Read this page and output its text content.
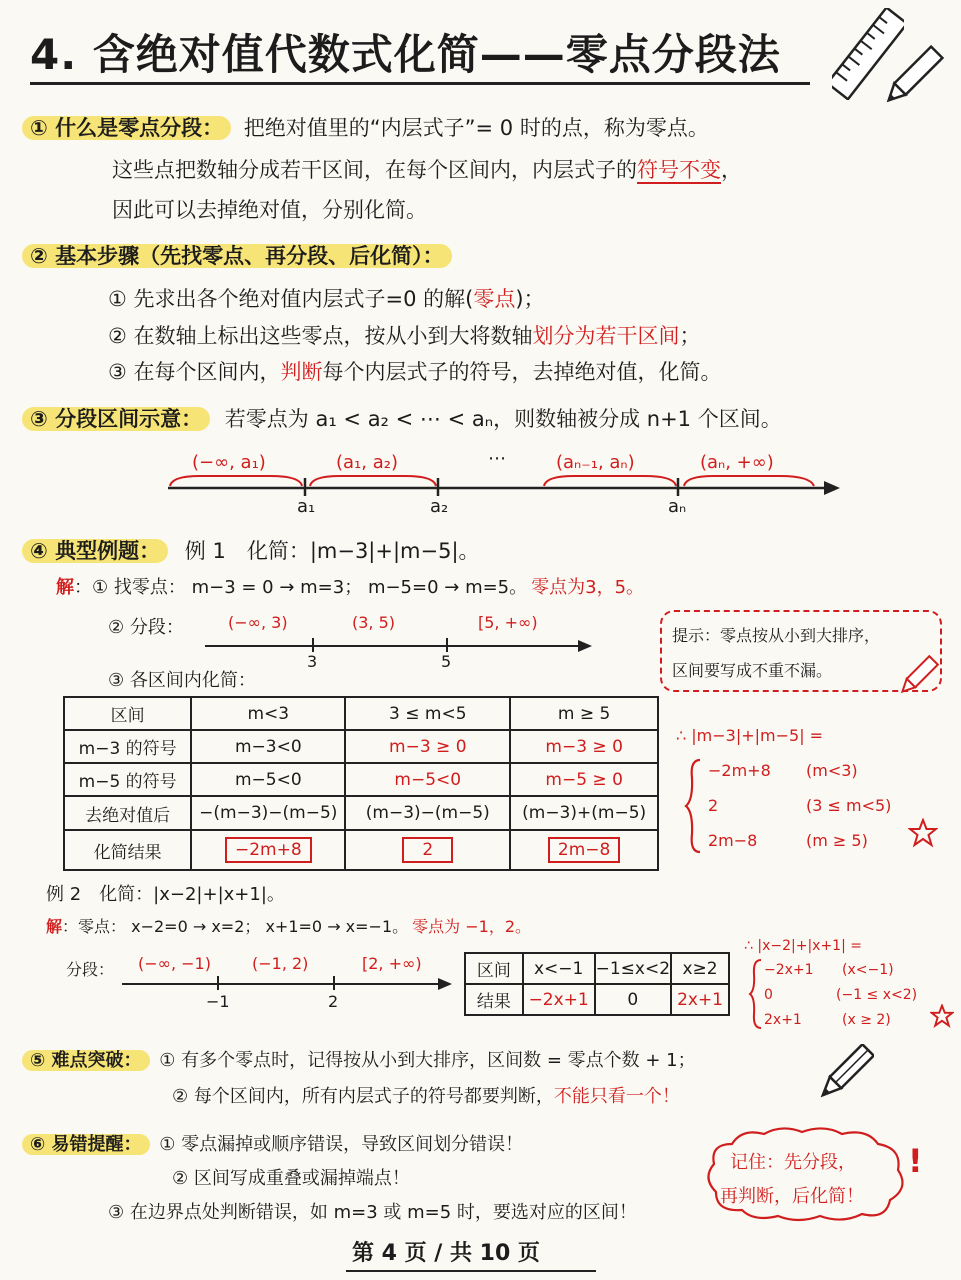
4. 含绝对值代数式化简——零点分段法
① 什么是零点分段： 把绝对值里的“内层式子”= 0 时的点，称为零点。
这些点把数轴分成若干区间，在每个区间内，内层式子的符号不变，
因此可以去掉绝对值，分别化简。
② 基本步骤（先找零点、再分段、后化简）：
① 先求出各个绝对值内层式子=0 的解(零点)；
② 在数轴上标出这些零点，按从小到大将数轴划分为若干区间；
③ 在每个区间内，判断每个内层式子的符号，去掉绝对值，化简。
③ 分段区间示意： 若零点为 a₁ < a₂ < ⋯ < aₙ，则数轴被分成 n+1 个区间。
(−∞, a₁)	(a₁, a₂)	⋯	(aₙ₋₁, aₙ)	(aₙ, +∞)
a₁	a₂	aₙ
④ 典型例题： 例 1　化简：|m−3|+|m−5|。
解：① 找零点： m−3 = 0 → m=3； m−5=0 → m=5。 零点为3，5。
② 分段：	(−∞, 3)	(3, 5)	[5, +∞)
3	5
提示：零点按从小到大排序，
区间要写成不重不漏。
③ 各区间内化简：
区间	m<3	3 ≤ m<5	m ≥ 5
m−3 的符号	m−3<0	m−3 ≥ 0	m−3 ≥ 0
m−5 的符号	m−5<0	m−5<0	m−5 ≥ 0
去绝对值后	−(m−3)−(m−5)	(m−3)−(m−5)	(m−3)+(m−5)
化简结果	−2m+8	2	2m−8
∴ |m−3|+|m−5| =
−2m+8 (m<3)
2	(3 ≤ m<5)
2m−8	(m ≥ 5)
例 2　化简：|x−2|+|x+1|。
解：零点： x−2=0 → x=2； x+1=0 → x=−1。 零点为 −1，2。
分段： (−∞, −1)	(−1, 2)	[2, +∞)
−1	2
区间	x<−1	−1≤x<2	x≥2
结果	−2x+1	0	2x+1
∴ |x−2|+|x+1| =
−2x+1 (x<−1)
0	(−1 ≤ x<2)
2x+1	(x ≥ 2)
⑤ 难点突破： ① 有多个零点时，记得按从小到大排序，区间数 = 零点个数 + 1；
② 每个区间内，所有内层式子的符号都要判断，不能只看一个！
⑥ 易错提醒： ① 零点漏掉或顺序错误，导致区间划分错误！
② 区间写成重叠或漏掉端点！
③ 在边界点处判断错误，如 m=3 或 m=5 时，要选对应的区间！
记住：先分段，
再判断，后化简！
!
第 4 页 / 共 10 页
